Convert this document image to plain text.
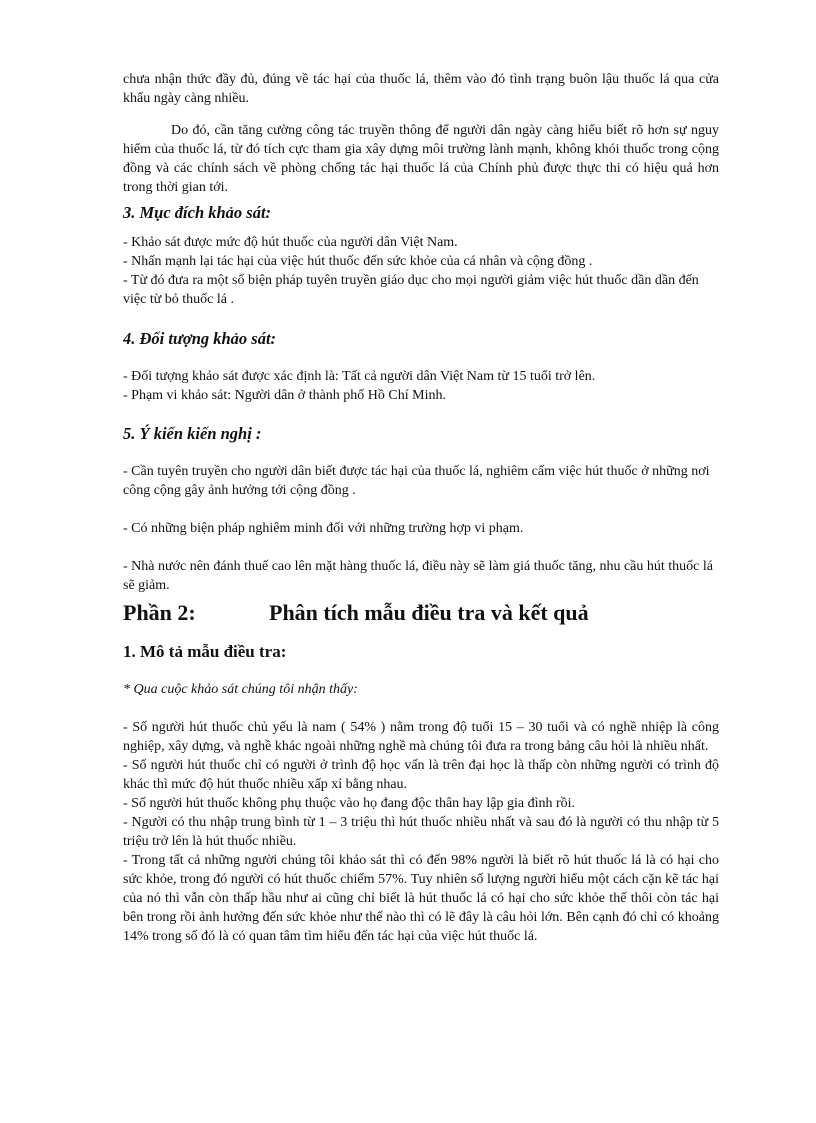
chưa nhận thức đầy đủ, đúng về tác hại của thuốc lá, thêm vào đó tình trạng buôn lậu thuốc lá qua cửa khẩu ngày càng nhiều.

Do đó, cần tăng cường công tác truyền thông để người dân ngày càng hiểu biết rõ hơn sự nguy hiểm của thuốc lá, từ đó tích cực tham gia xây dựng môi trường lành mạnh, không khói thuốc trong cộng đồng và các chính sách về phòng chống tác hại thuốc lá của Chính phủ được thực thi có hiệu quả hơn trong thời gian tới.

3. Mục đích khảo sát:

- Khảo sát được mức độ hút thuốc của người dân Việt Nam.

- Nhấn mạnh lại tác hại của việc hút thuốc đến sức khỏe của cá nhân và cộng đồng .

- Từ đó đưa ra một số biện pháp tuyên truyền giáo dục cho mọi người giảm việc hút thuốc dần dần đến việc từ bỏ thuốc lá .

4. Đối tượng khảo sát:

- Đối tượng khảo sát được xác định là: Tất cả người dân Việt Nam từ 15 tuổi trở lên.

- Phạm vi khảo sát: Người dân ở thành phố Hồ Chí Minh.

5. Ý kiến kiến nghị :

- Cần tuyên truyền cho người dân biết được tác hại của thuốc lá, nghiêm cấm việc hút thuốc ở những nơi công cộng gây ảnh hưởng tới cộng đồng .

- Có những biện pháp nghiêm minh đối với những trường hợp vi phạm.

- Nhà nước nên đánh thuế cao lên mặt hàng thuốc lá, điều này sẽ làm giá thuốc tăng, nhu cầu hút thuốc lá sẽ giảm.

Phần 2:	Phân tích mẫu điều tra và kết quả

1. Mô tả mẫu điều tra:

* Qua cuộc khảo sát chúng tôi nhận thấy:

- Số người hút thuốc chủ yếu là nam ( 54% ) nằm trong độ tuổi 15 – 30 tuổi và có nghề nhiệp là công nghiệp, xây dựng, và nghề khác ngoài những nghề mà chúng tôi đưa ra trong bảng câu hỏi là nhiều nhất.

- Số người hút thuốc chỉ có người ở trình độ học vấn là trên đại học là thấp còn những người có trình độ khác thì mức độ hút thuốc nhiều xấp xỉ bằng nhau.

- Số người hút thuốc không phụ thuộc vào họ đang độc thân hay lập gia đình rồi.

- Người có thu nhập trung bình từ 1 – 3 triệu thì hút thuốc nhiều nhất và sau đó là người có thu nhập từ 5 triệu trở lên là hút thuốc nhiều.

- Trong tất cả những người chúng tôi khảo sát thì có đến 98% người là biết rõ hút thuốc lá là có hại cho sức khỏe, trong đó người có hút thuốc chiếm 57%. Tuy nhiên số lượng người hiểu một cách cặn kẽ tác hại của nó thì vẫn còn thấp hầu như ai cũng chỉ biết là hút thuốc lá có hại cho sức khỏe thế thôi còn tác hại bên trong rồi ảnh hưởng đến sức khỏe như thế nào thì có lẽ đây là câu hỏi lớn. Bên cạnh đó chỉ có khoảng 14% trong số đó là có quan tâm tìm hiểu đến tác hại của việc hút thuốc lá.
